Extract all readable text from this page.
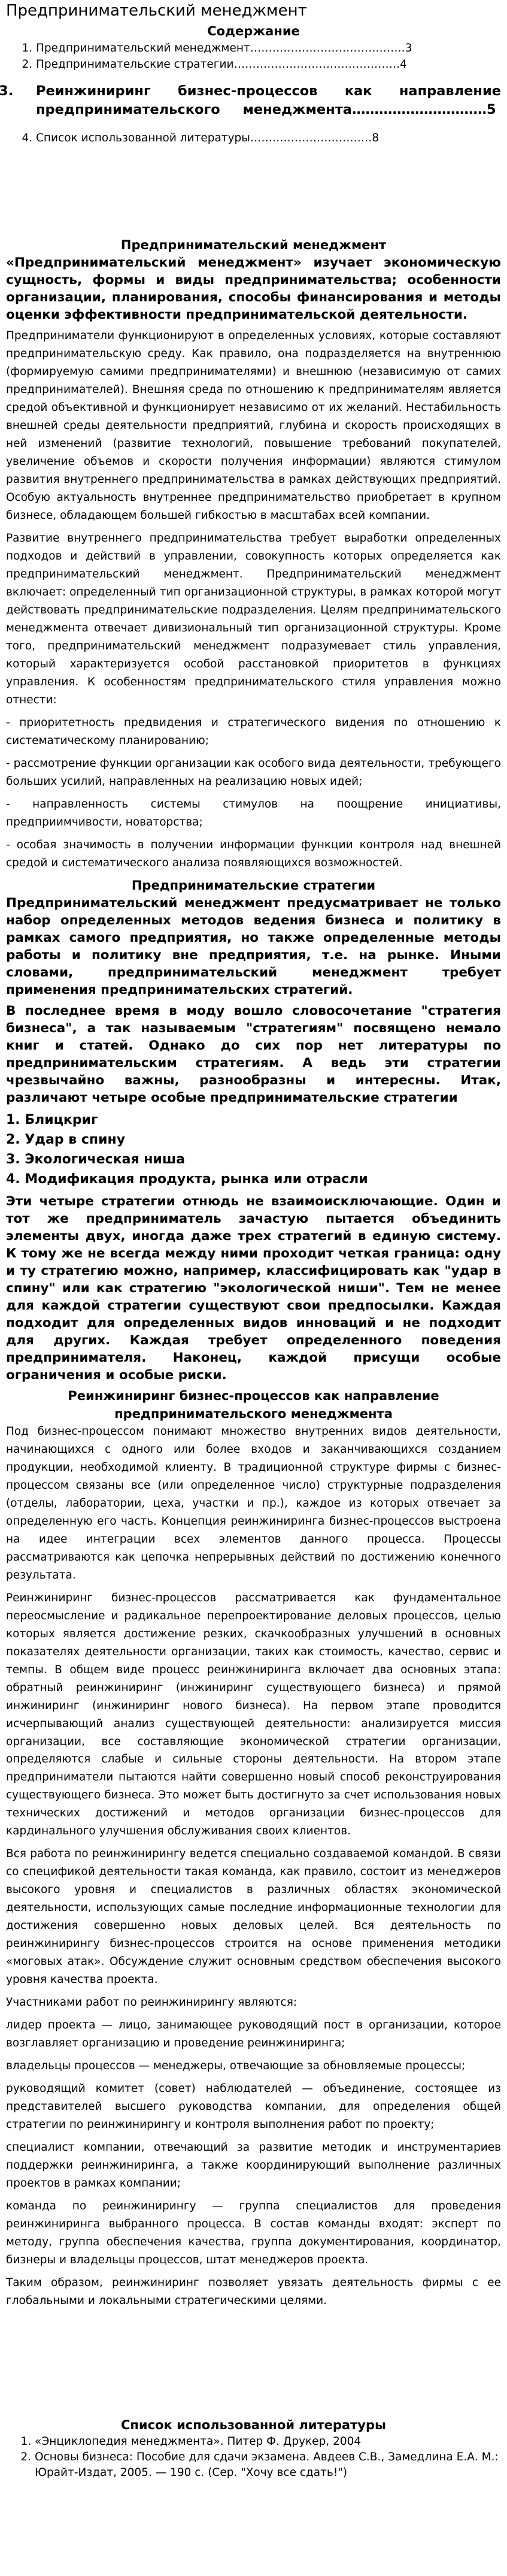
Предпринимательский менеджмент
Содержание
1. Предпринимательский менеджмент……………………………………3
2. Предпринимательские стратегии………………………………………4
3. Реинжиниринг бизнес-процессов как направление предпринимательского менеджмента…………………………5
4. Список использованной литературы……………………………8
Предпринимательский менеджмент

«Предпринимательский менеджмент» изучает экономическую сущность, формы и виды предпринимательства; особенности организации, планирования, способы финансирования и методы оценки эффективности предпринимательской деятельности.

Предприниматели функционируют в определенных условиях, которые составляют предпринимательскую среду. Как правило, она подразделяется на внутреннюю (формируемую самими предпринимателями) и внешнюю (независимую от самих предпринимателей). Внешняя среда по отношению к предпринимателям является средой объективной и функционирует независимо от их желаний. Нестабильность внешней среды деятельности предприятий, глубина и скорость происходящих в ней изменений (развитие технологий, повышение требований покупателей, увеличение объемов и скорости получения информации) являются стимулом развития внутреннего предпринимательства в рамках действующих предприятий. Особую актуальность внутреннее предпринимательство приобретает в крупном бизнесе, обладающем большей гибкостью в масштабах всей компании.

Развитие внутреннего предпринимательства требует выработки определенных подходов и действий в управлении, совокупность которых определяется как предпринимательский менеджмент. Предпринимательский менеджмент включает: определенный тип организационной структуры, в рамках которой могут действовать предпринимательские подразделения. Целям предпринимательского менеджмента отвечает дивизиональный тип организационной структуры. Кроме того, предпринимательский менеджмент подразумевает стиль управления, который характеризуется особой расстановкой приоритетов в функциях управления. К особенностям предпринимательского стиля управления можно отнести:

- приоритетность предвидения и стратегического видения по отношению к систематическому планированию;

- рассмотрение функции организации как особого вида деятельности, требующего больших усилий, направленных на реализацию новых идей;

- направленность системы стимулов на поощрение инициативы, предприимчивости, новаторства;

- особая значимость в получении информации функции контроля над внешней средой и систематического анализа появляющихся возможностей.

Предпринимательские стратегии

Предпринимательский менеджмент предусматривает не только набор определенных методов ведения бизнеса и политику в рамках самого предприятия, но также определенные методы работы и политику вне предприятия, т.е. на рынке. Иными словами, предпринимательский менеджмент требует применения предпринимательских стратегий.

В последнее время в моду вошло словосочетание "стратегия бизнеса", а так называемым "стратегиям" посвящено немало книг и статей. Однако до сих пор нет литературы по предпринимательским стратегиям. А ведь эти стратегии чрезвычайно важны, разнообразны и интересны. Итак, различают четыре особые предпринимательские стратегии

1. Блицкриг
2. Удар в спину
3. Экологическая ниша
4. Модификация продукта, рынка или отрасли

Эти четыре стратегии отнюдь не взаимоисключающие. Один и тот же предприниматель зачастую пытается объединить элементы двух, иногда даже трех стратегий в единую систему. К тому же не всегда между ними проходит четкая граница: одну и ту стратегию можно, например, классифицировать как "удар в спину" или как стратегию "экологической ниши". Тем не менее для каждой стратегии существуют свои предпосылки. Каждая подходит для определенных видов инноваций и не подходит для других. Каждая требует определенного поведения предпринимателя. Наконец, каждой присущи особые ограничения и особые риски.

Реинжиниринг бизнес-процессов как направление предпринимательского менеджмента

Под бизнес-процессом понимают множество внутренних видов деятельности, начинающихся с одного или более входов и заканчивающихся созданием продукции, необходимой клиенту. В традиционной структуре фирмы с бизнес-процессом связаны все (или определенное число) структурные подразделения (отделы, лаборатории, цеха, участки и пр.), каждое из которых отвечает за определенную его часть. Концепция реинжиниринга бизнес-процессов выстроена на идее интеграции всех элементов данного процесса. Процессы рассматриваются как цепочка непрерывных действий по достижению конечного результата.

Реинжиниринг бизнес-процессов рассматривается как фундаментальное переосмысление и радикальное перепроектирование деловых процессов, целью которых является достижение резких, скачкообразных улучшений в основных показателях деятельности организации, таких как стоимость, качество, сервис и темпы. В общем виде процесс реинжиниринга включает два основных этапа: обратный реинжиниринг (инжиниринг существующего бизнеса) и прямой инжиниринг (инжиниринг нового бизнеса). На первом этапе проводится исчерпывающий анализ существующей деятельности: анализируется миссия организации, все составляющие экономической стратегии организации, определяются слабые и сильные стороны деятельности. На втором этапе предприниматели пытаются найти совершенно новый способ реконструирования существующего бизнеса. Это может быть достигнуто за счет использования новых технических достижений и методов организации бизнес-процессов для кардинального улучшения обслуживания своих клиентов.

Вся работа по реинжинирингу ведется специально создаваемой командой. В связи со спецификой деятельности такая команда, как правило, состоит из менеджеров высокого уровня и специалистов в различных областях экономической деятельности, использующих самые последние информационные технологии для достижения совершенно новых деловых целей. Вся деятельность по реинжинирингу бизнес-процессов строится на основе применения методики «моговых атак». Обсуждение служит основным средством обеспечения высокого уровня качества проекта.

Участниками работ по реинжинирингу являются:

лидер проекта — лицо, занимающее руководящий пост в организации, которое возглавляет организацию и проведение реинжиниринга;

владельцы процессов — менеджеры, отвечающие за обновляемые процессы;

руководящий комитет (совет) наблюдателей — объединение, состоящее из представителей высшего руководства компании, для определения общей стратегии по реинжинирингу и контроля выполнения работ по проекту;

специалист компании, отвечающий за развитие методик и инструментариев поддержки реинжиниринга, а также координирующий выполнение различных проектов в рамках компании;

команда по реинжинирингу — группа специалистов для проведения реинжиниринга выбранного процесса. В состав команды входят: эксперт по методу, группа обеспечения качества, группа документирования, координатор, бизнеры и владельцы процессов, штат менеджеров проекта.

Таким образом, реинжиниринг позволяет увязать деятельность фирмы с ее глобальными и локальными стратегическими целями.

Список использованной литературы
1. «Энциклопедия менеджмента». Питер Ф. Друкер, 2004
2. Основы бизнеса: Пособие для сдачи экзамена. Авдеев С.В., Замедлина Е.А. М.: Юрайт-Издат, 2005. — 190 с. (Сер. "Хочу все сдать!")
